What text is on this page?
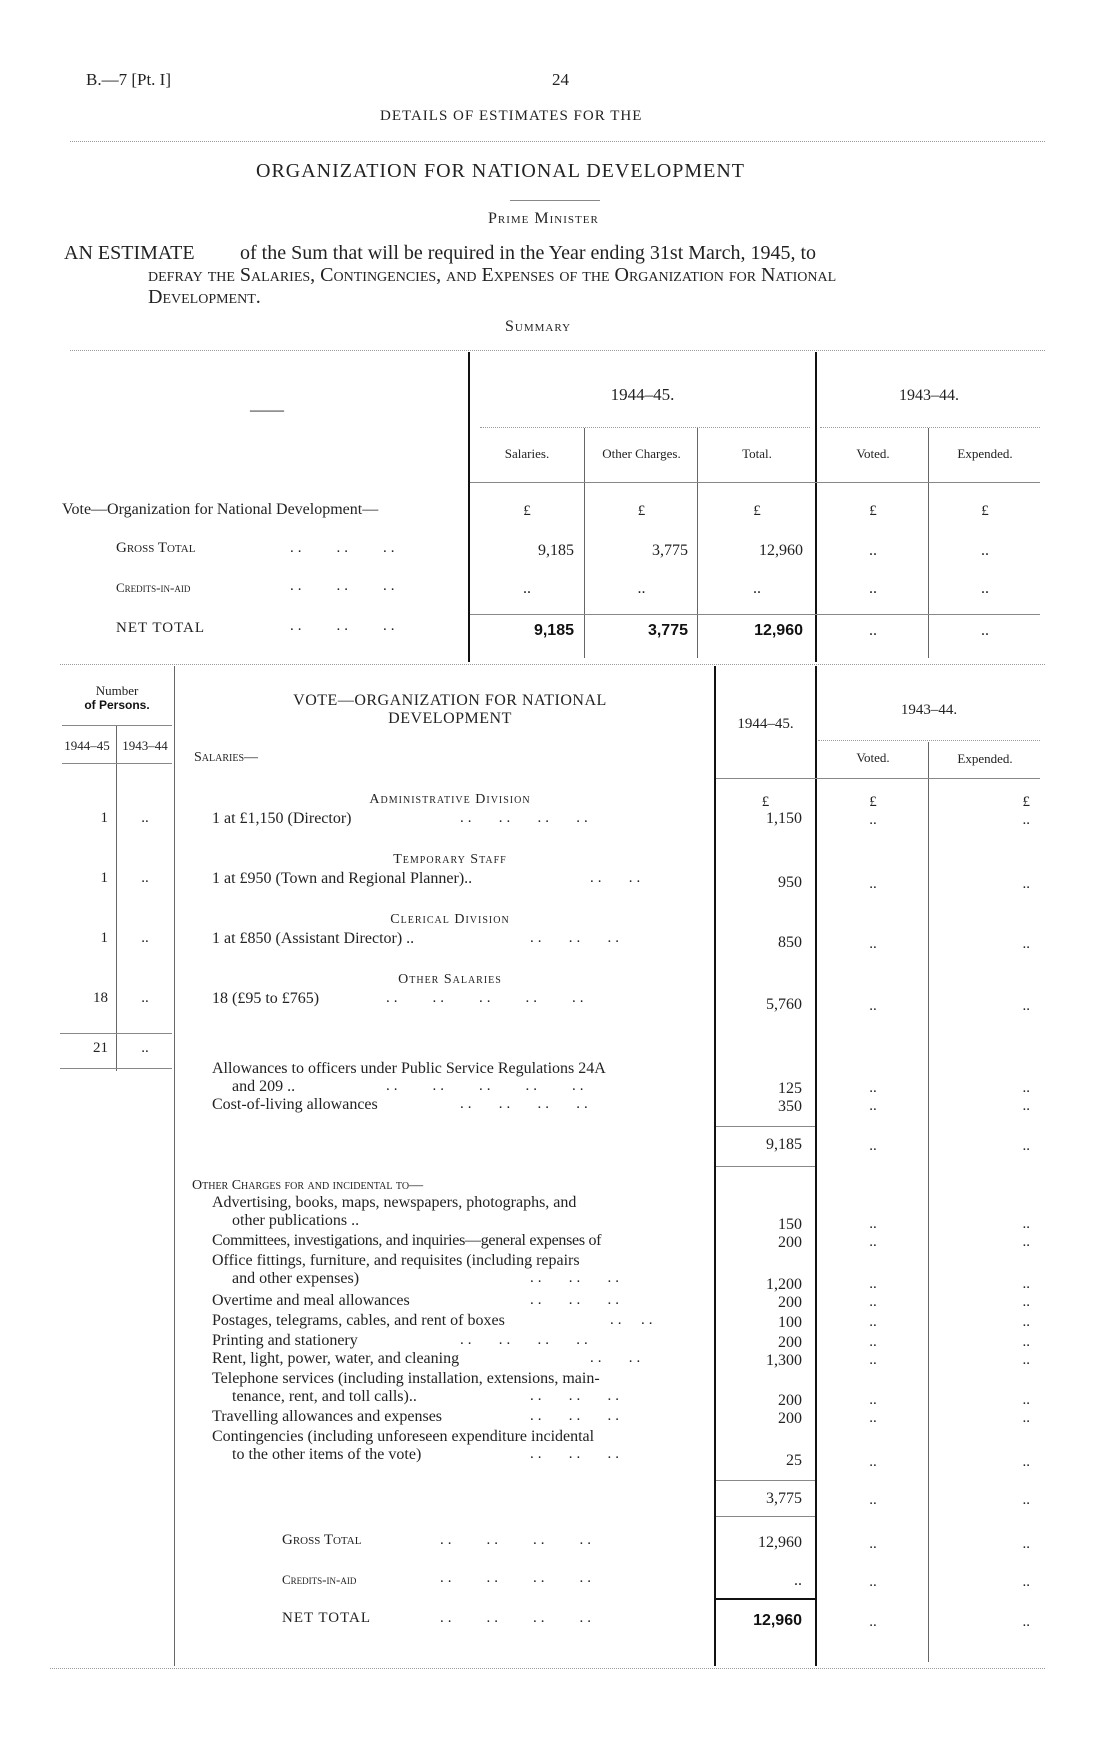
B.—7 [Pt. I]	24
DETAILS OF ESTIMATES FOR THE
ORGANIZATION FOR NATIONAL DEVELOPMENT
Prime Minister
AN ESTIMATE of the Sum that will be required in the Year ending 31st March, 1945, to
defray the Salaries, Contingencies, and Expenses of the Organization for National
Development.
Summary
——
1944–45.	1943–44.
Salaries.	Other Charges.	Total.	Voted.	Expended.
Vote—Organization for National Development—	£	£	£	£	£
Gross Total	..    ..    ..	9,185	3,775	12,960	..	..
Credits-in-aid	..    ..    ..	..	..	..	..	..
NET TOTAL	..    ..    ..	9,185	3,775	12,960	..	..
Number
of Persons.
1944–45 1943–44
VOTE—ORGANIZATION FOR NATIONAL
DEVELOPMENT
Salaries—
1944–45.
1943–44.
Voted.	Expended.
£	£	£
Administrative Division
1	..	1 at £1,150 (Director)	..   ..   ..   ..	1,150	..	..
Temporary Staff
1	..	1 at £950 (Town and Regional Planner)..	..   ..	950	..	..
Clerical Division
1	..	1 at £850 (Assistant Director) ..	..   ..   ..	850	..	..
Other Salaries
18	..	18 (£95 to £765)	..    ..    ..    ..    ..	5,760	..	..
21	..
Allowances to officers under Public Service Regulations 24A
and 209 ..	..    ..    ..    ..    ..	125	..	..
Cost-of-living allowances	..   ..   ..   ..	350	..	..
9,185	..	..
Other Charges for and incidental to—
Advertising, books, maps, newspapers, photographs, and
other publications ..	150	..	..
Committees, investigations, and inquiries—general expenses of	200	..	..
Office fittings, furniture, and requisites (including repairs
and other expenses)	..   ..   ..	1,200	..	..
Overtime and meal allowances	..   ..   ..	200	..	..
Postages, telegrams, cables, and rent of boxes	..  ..	100	..	..
Printing and stationery	..   ..   ..   ..	200	..	..
Rent, light, power, water, and cleaning	..   ..	1,300	..	..
Telephone services (including installation, extensions, main-
tenance, rent, and toll calls)..	..   ..   ..	200	..	..
Travelling allowances and expenses	..   ..   ..	200	..	..
Contingencies (including unforeseen expenditure incidental
to the other items of the vote)	..   ..   ..	25	..	..
3,775	..	..
Gross Total	..    ..    ..    ..	12,960	..	..
Credits-in-aid	..    ..    ..    ..	..	..	..
NET TOTAL	..    ..    ..    ..	12,960	..	..
